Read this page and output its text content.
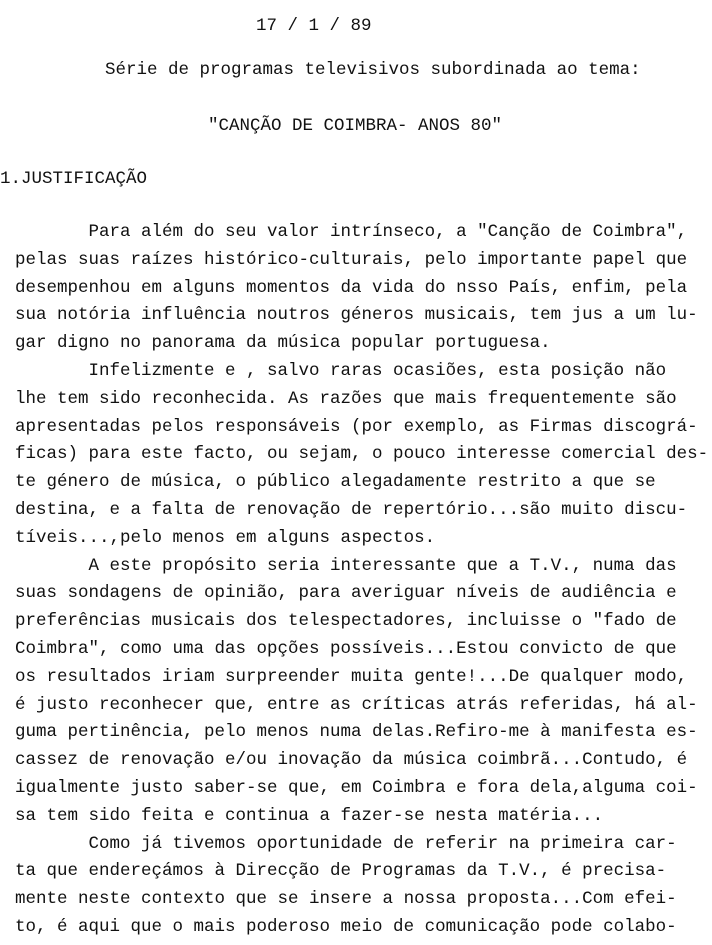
17 / 1 / 89
Série de programas televisivos subordinada ao tema:
"CANÇÃO DE COIMBRA- ANOS 80"
1.JUSTIFICAÇÃO
Para além do seu valor intrínseco, a "Canção de Coimbra",
pelas suas raízes histórico-culturais, pelo importante papel que
desempenhou em alguns momentos da vida do nsso País, enfim, pela
sua notória influência noutros géneros musicais, tem jus a um lu-
gar digno no panorama da música popular portuguesa.
Infelizmente e , salvo raras ocasiões, esta posição não
lhe tem sido reconhecida. As razões que mais frequentemente são
apresentadas pelos responsáveis (por exemplo, as Firmas discográ-
ficas) para este facto, ou sejam, o pouco interesse comercial des-
te género de música, o público alegadamente restrito a que se
destina, e a falta de renovação de repertório...são muito discu-
tíveis...,pelo menos em alguns aspectos.
A este propósito seria interessante que a T.V., numa das
suas sondagens de opinião, para averiguar níveis de audiência e
preferências musicais dos telespectadores, incluisse o "fado de
Coimbra", como uma das opções possíveis...Estou convicto de que
os resultados iriam surpreender muita gente!...De qualquer modo,
é justo reconhecer que, entre as críticas atrás referidas, há al-
guma pertinência, pelo menos numa delas.Refiro-me à manifesta es-
cassez de renovação e/ou inovação da música coimbrã...Contudo, é
igualmente justo saber-se que, em Coimbra e fora dela,alguma coi-
sa tem sido feita e continua a fazer-se nesta matéria...
Como já tivemos oportunidade de referir na primeira car-
ta que endereçámos à Direcção de Programas da T.V., é precisa-
mente neste contexto que se insere a nossa proposta...Com efei-
to, é aqui que o mais poderoso meio de comunicação pode colabo-
